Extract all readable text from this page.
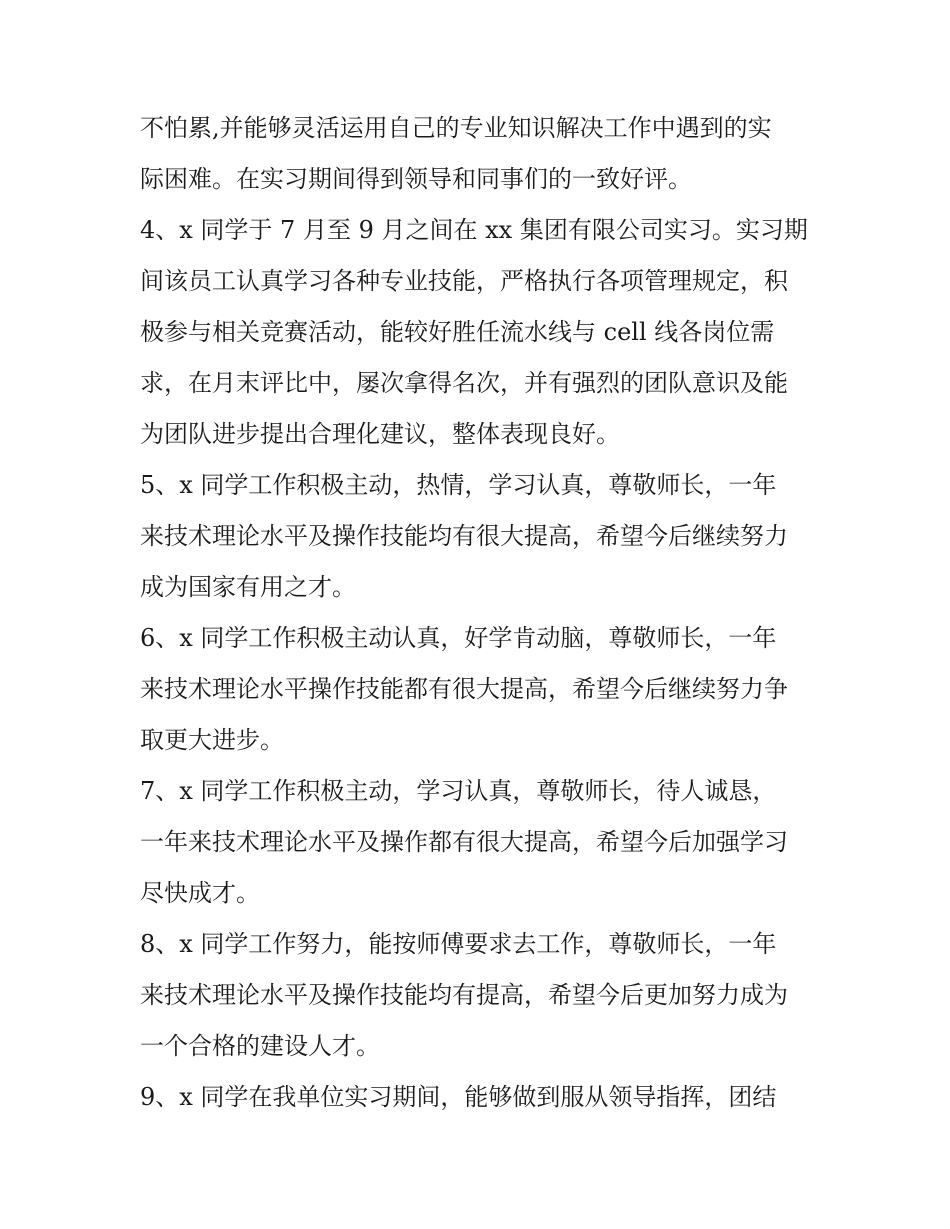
不怕累,并能够灵活运用自己的专业知识解决工作中遇到的实
际困难。在实习期间得到领导和同事们的一致好评。
4、x 同学于 7 月至 9 月之间在 xx 集团有限公司实习。实习期
间该员工认真学习各种专业技能，严格执行各项管理规定，积
极参与相关竞赛活动，能较好胜任流水线与 cell 线各岗位需
求，在月末评比中，屡次拿得名次，并有强烈的团队意识及能
为团队进步提出合理化建议，整体表现良好。
5、x 同学工作积极主动，热情，学习认真，尊敬师长，一年
来技术理论水平及操作技能均有很大提高，希望今后继续努力
成为国家有用之才。
6、x 同学工作积极主动认真，好学肯动脑，尊敬师长，一年
来技术理论水平操作技能都有很大提高，希望今后继续努力争
取更大进步。
7、x 同学工作积极主动，学习认真，尊敬师长，待人诚恳，
一年来技术理论水平及操作都有很大提高，希望今后加强学习
尽快成才。
8、x 同学工作努力，能按师傅要求去工作，尊敬师长，一年
来技术理论水平及操作技能均有提高，希望今后更加努力成为
一个合格的建设人才。
9、x 同学在我单位实习期间，能够做到服从领导指挥，团结
